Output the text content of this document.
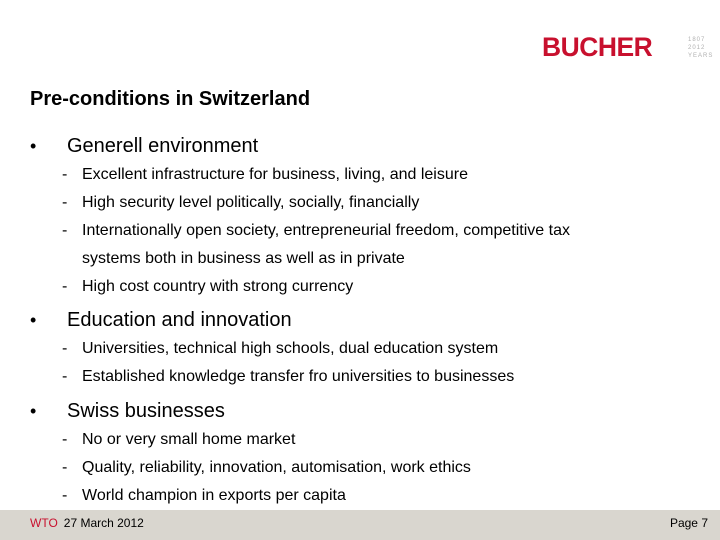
BUCHER	1807
2012
YEARS
Pre-conditions in Switzerland
• Generell environment
- Excellent infrastructure for business, living, and leisure
- High security level politically, socially, financially
- Internationally open society, entrepreneurial freedom, competitive tax
systems both in business as well as in private
- High cost country with strong currency
• Education and innovation
- Universities, technical high schools, dual education system
- Established knowledge transfer fro universities to businesses
• Swiss businesses
- No or very small home market
- Quality, reliability, innovation, automisation, work ethics
- World champion in exports per capita
WTO 27 March 2012	Page 7
